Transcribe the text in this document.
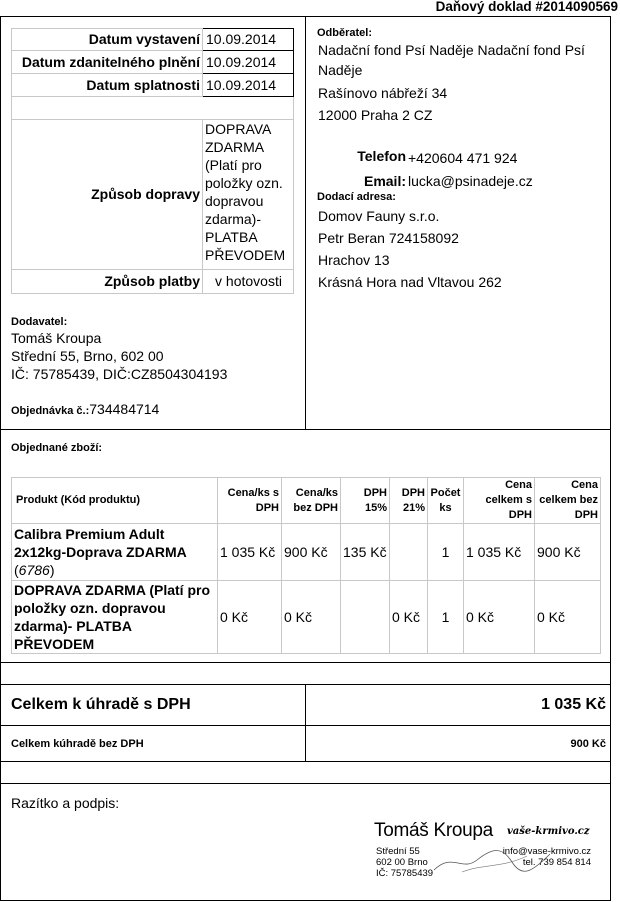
Daňový doklad #2014090569
Datum vystavení	10.09.2014
Datum zdanitelného plnění	10.09.2014
Datum splatnosti	10.09.2014

Způsob dopravy	DOPRAVA ZDARMA (Platí pro položky ozn. dopravou zdarma)- PLATBA PŘEVODEM
Způsob platby	v hotovosti
Dodavatel:
Tomáš Kroupa
Střední 55, Brno, 602 00
IČ: 75785439, DIČ:CZ8504304193
Objednávka č.:734484714
Odběratel:
Nadační fond Psí Naděje Nadační fond Psí Naděje
Rašínovo nábřeží 34
12000 Praha 2 CZ
Telefon +420604 471 924
Email: lucka@psinadeje.cz
Dodací adresa:
Domov Fauny s.r.o.
Petr Beran 724158092
Hrachov 13
Krásná Hora nad Vltavou 262
Objednané zboží:
Produkt (Kód produktu)	Cena/ks s DPH	Cena/ks bez DPH	DPH 15%	DPH 21%	Počet ks	Cena celkem s DPH	Cena celkem bez DPH
Calibra Premium Adult 2x12kg-Doprava ZDARMA
(6786)	1 035 Kč	900 Kč	135 Kč		1	1 035 Kč	900 Kč
DOPRAVA ZDARMA (Platí pro položky ozn. dopravou zdarma)- PLATBA PŘEVODEM	0 Kč	0 Kč		0 Kč	1	0 Kč	0 Kč
Celkem k úhradě s DPH	1 035 Kč
Celkem kúhradě bez DPH	900 Kč
Razítko a podpis:
Tomáš Kroupa vaše-krmivo.cz
Střední 55
602 00 Brno
IČ: 75785439
info@vase-krmivo.cz
tel. 739 854 814
